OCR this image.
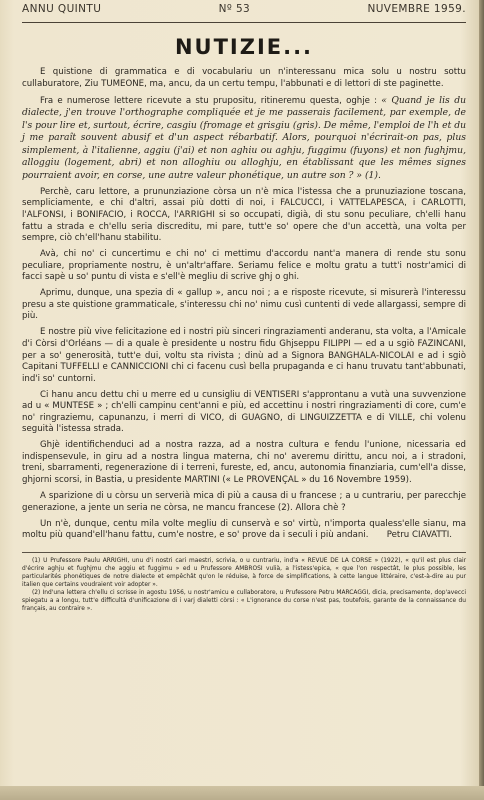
ANNU QUINTU	Nº 53	NUVEMBRE 1959.
NUTIZIE...

E quistione di grammatica e di vocabulariu un n'interessanu mica solu u nostru sottu cullaburatore, Ziu TUMEONE, ma, ancu, da un certu tempu, l'abbunati e di lettori di ste paginette.

Fra e numerose lettere ricevute a stu prupositu, ritineremu questa, oghje : « Quand je lis du dialecte, j'en trouve l'orthographe compliquée et je me passerais facilement, par exemple, de l's pour lire et, surtout, écrire, casgiu (fromage et grisgiu (gris). De même, l'emploi de l'h et du j me paraît souvent abusif et d'un aspect rébarbatif. Alors, pourquoi n'écrirait-on pas, plus simplement, à l'italienne, aggiu (j'ai) et non aghiu ou aghju, fuggimu (fuyons) et non fughjmu, alloggiu (logement, abri) et non alloghiu ou alloghju, en établissant que les mêmes signes pourraient avoir, en corse, une autre valeur phonétique, un autre son ? » (1).

Perchè, caru lettore, a prununziazione còrsa un n'è mica l'istessa che a prunuziazione toscana, sempliciamente, e chi d'altri, assai più dotti di noi, i FALCUCCI, i VATTELAPESCA, i CARLOTTI, l'ALFONSI, i BONIFACIO, i ROCCA, l'ARRIGHI si so occupati, digià, di stu sonu peculiare, ch'elli hanu fattu a strada e ch'ellu seria discreditu, mi pare, tutt'e so' opere che d'un accettà, una volta per sempre, ciò ch'ell'hanu stabilitu.

Avà, chi no' ci cuncertimu e chi no' ci mettimu d'accordu nant'a manera di rende stu sonu peculiare, propriamente nostru, è un'altr'affare. Seriamu felice e moltu gratu a tutt'i nostr'amici di facci sapè u so' puntu di vista e s'ell'è megliu di scrive ghj o ghi.

Aprimu, dunque, una spezia di « gallup », ancu noi ; a e risposte ricevute, si misurerà l'interessu presu a ste quistione grammaticale, s'interessu chi no' nimu cusì cuntenti di vede allargassi, sempre di più.

E nostre più vive felicitazione ed i nostri più sinceri ringraziamenti anderanu, sta volta, a l'Amicale d'i Còrsi d'Orléans — di a quale è presidente u nostru fidu Ghjseppu FILIPPI — ed a u sgiò FAZINCANI, per a so' generosità, tutt'e dui, voltu sta rivista ; dinù ad a Signora BANGHALA-NICOLAI e ad i sgiò Capitani TUFFELLI e CANNICCIONI chi ci facenu cusì bella prupaganda e ci hanu truvatu tant'abbunati, ind'i so' cuntorni.

Ci hanu ancu dettu chi u merre ed u cunsigliu di VENTISERI s'approntanu a vutà una suvvenzione ad u « MUNTESE » ; ch'elli campinu cent'anni e più, ed accettinu i nostri ringraziamenti di core, cum'e no' ringraziemu, capunanzu, i merri di VICO, di GUAGNO, di LINGUIZZETTA e di VILLE, chi volenu seguità l'istessa strada.

Ghjè identifichenduci ad a nostra razza, ad a nostra cultura e fendu l'unione, nicessaria ed indispensevule, in giru ad a nostra lingua materna, chi no' averemu dirittu, ancu noi, a i stradoni, treni, sbarramenti, regenerazione di i terreni, fureste, ed, ancu, autonomia finanziaria, cum'ell'a disse, ghjorni scorsi, in Bastia, u presidente MARTINI (« Le PROVENÇAL » du 16 Novembre 1959).

A sparizione di u còrsu un serverià mica di più a causa di u francese ; a u cuntrariu, per parecchje generazione, a jente un seria ne còrsa, ne mancu francese (2). Allora chè ?

Un n'è, dunque, centu mila volte megliu di cunservà e so' virtù, n'importa qualess'elle sianu, ma moltu più quand'ell'hanu fattu, cum'e nostre, e so' prove da i seculi i più andani.	Petru CIAVATTI.

(1) U Prufessore Paulu ARRIGHI, unu d'i nostri cari maestri, scrivia, o u cuntrariu, ind'a « REVUE DE LA CORSE » (1922), « qu'il est plus clair d'écrire aghju et fughjmu che aggiu et fuggimu » ed u Prufessore AMBROSI vulià, a l'istess'epica, « que l'on respectât, le plus possible, les particularités phonétiques de notre dialecte et empêchât qu'on le réduise, à force de simplifications, à cette langue littéraire, c'est-à-dire au pur italien que certains voudraient voir adopter ».

(2) Ind'una lettera ch'ellu ci scrisse in agostu 1956, u nostr'amicu e cullaboratore, u Prufessore Petru MARCAGGI, dicia, precisamente, dop'avecci spiegatu a a longu, tutt'e difficultà d'unificazione di i varj dialetti còrsi : « L'ignorance du corse n'est pas, toutefois, garante de la connaissance du français, au contraire ».
